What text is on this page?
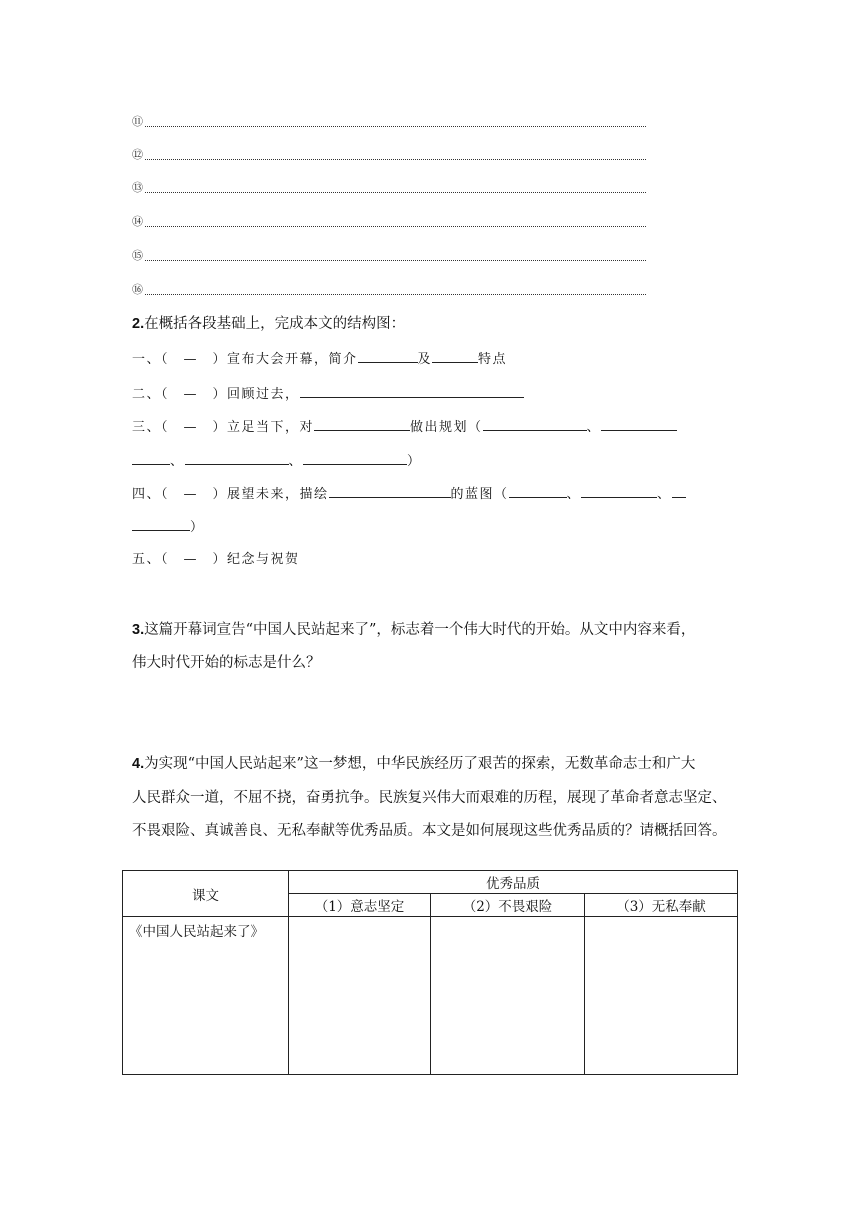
⑪
⑫
⑬
⑭
⑮
⑯
2.在概括各段基础上，完成本文的结构图：
一、（　—　）宣布大会开幕，简介	及	特点
二、（　—　）回顾过去，
三、（　—　）立足当下，对	做出规划（	、
、	、	）
四、（　—　）展望未来，描绘	的蓝图（	、	、
）
五、（　—　）纪念与祝贺
3.这篇开幕词宣告“中国人民站起来了”，标志着一个伟大时代的开始。从文中内容来看，
伟大时代开始的标志是什么？
4.为实现“中国人民站起来”这一梦想，中华民族经历了艰苦的探索，无数革命志士和广大
人民群众一道，不屈不挠，奋勇抗争。民族复兴伟大而艰难的历程，展现了革命者意志坚定、
不畏艰险、真诚善良、无私奉献等优秀品质。本文是如何展现这些优秀品质的？请概括回答。
课文	优秀品质		
	（1）意志坚定	（2）不畏艰险	（3）无私奉献
《中国人民站起来了》			
